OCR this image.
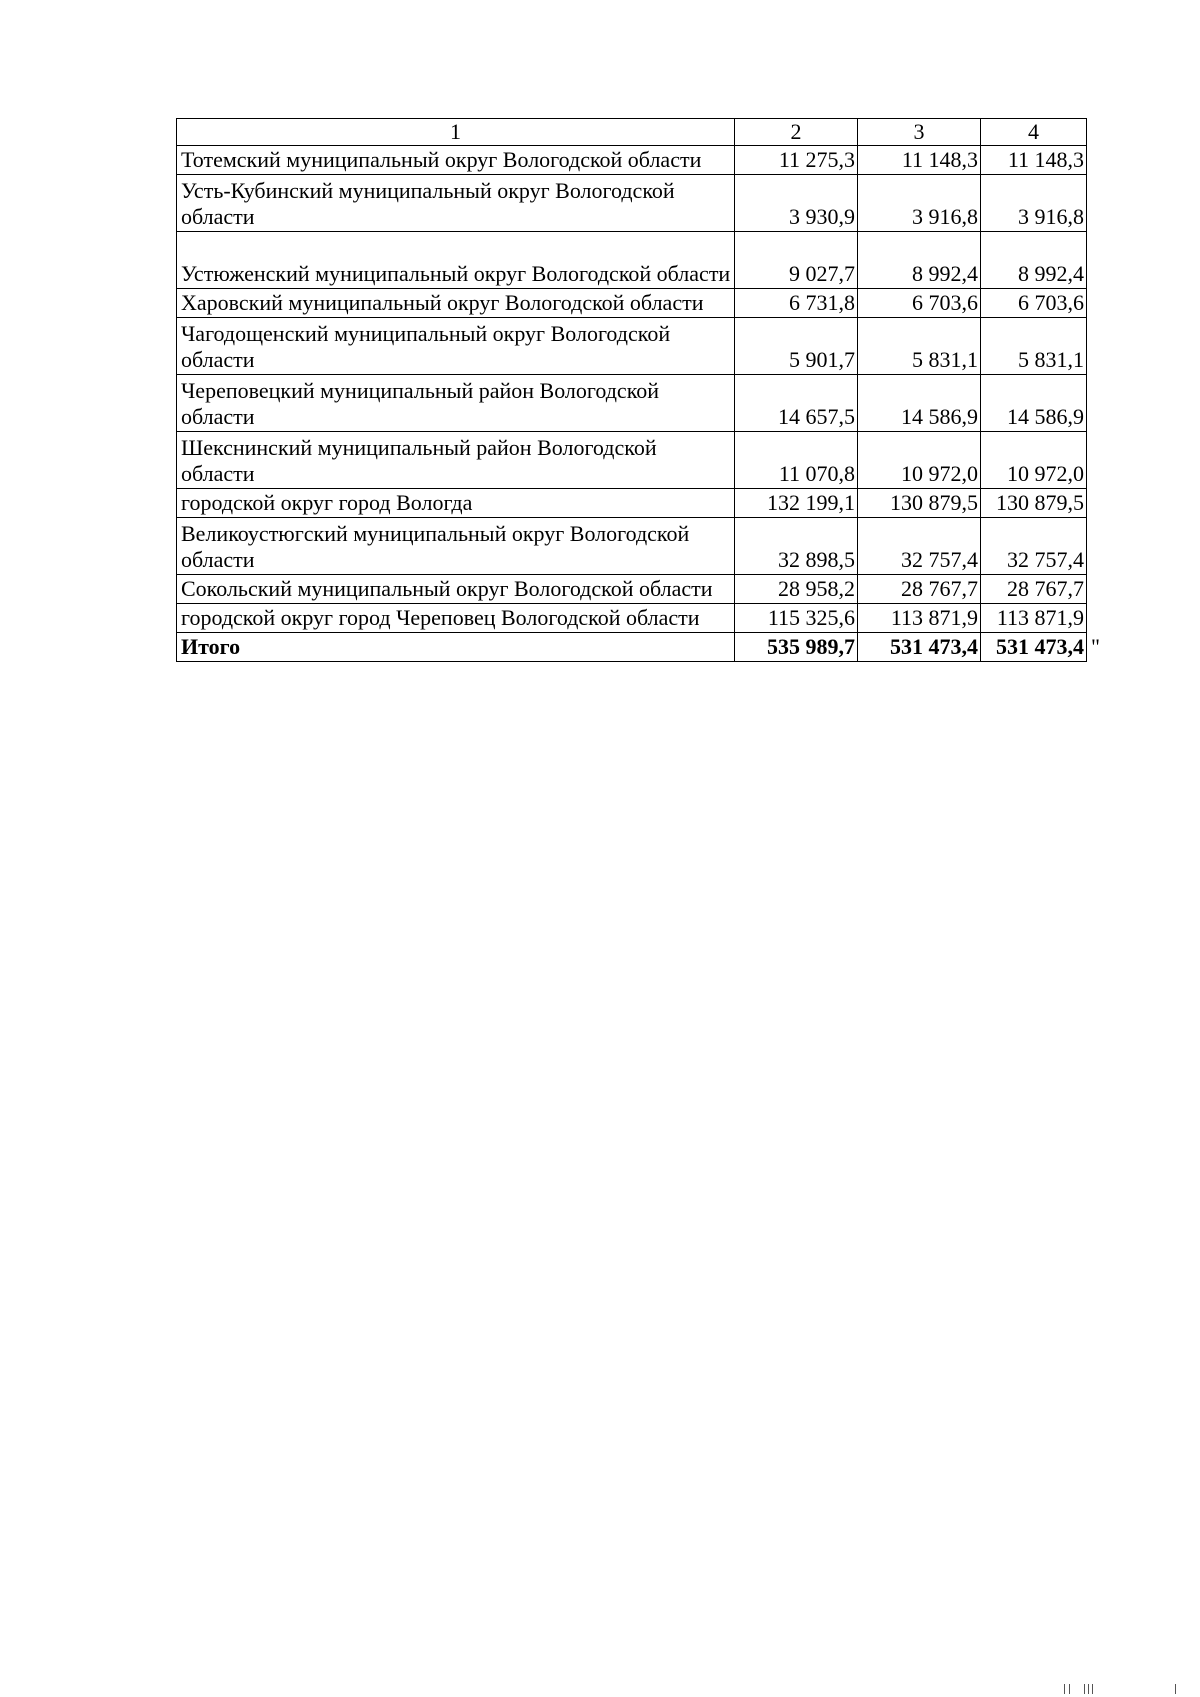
1	2	3	4
Тотемский муниципальный округ Вологодской области	11 275,3	11 148,3	11 148,3
Усть-Кубинский муниципальный округ Вологодской области	3 930,9	3 916,8	3 916,8
Устюженский муниципальный округ Вологодской области	9 027,7	8 992,4	8 992,4
Харовский муниципальный округ Вологодской области	6 731,8	6 703,6	6 703,6
Чагодощенский муниципальный округ Вологодской области	5 901,7	5 831,1	5 831,1
Череповецкий муниципальный район Вологодской области	14 657,5	14 586,9	14 586,9
Шекснинский муниципальный район Вологодской области	11 070,8	10 972,0	10 972,0
городской округ город Вологда	132 199,1	130 879,5	130 879,5
Великоустюгский муниципальный округ Вологодской области	32 898,5	32 757,4	32 757,4
Сокольский муниципальный округ Вологодской области	28 958,2	28 767,7	28 767,7
городской округ город Череповец Вологодской области	115 325,6	113 871,9	113 871,9
Итого	535 989,7	531 473,4	531 473,4 "
